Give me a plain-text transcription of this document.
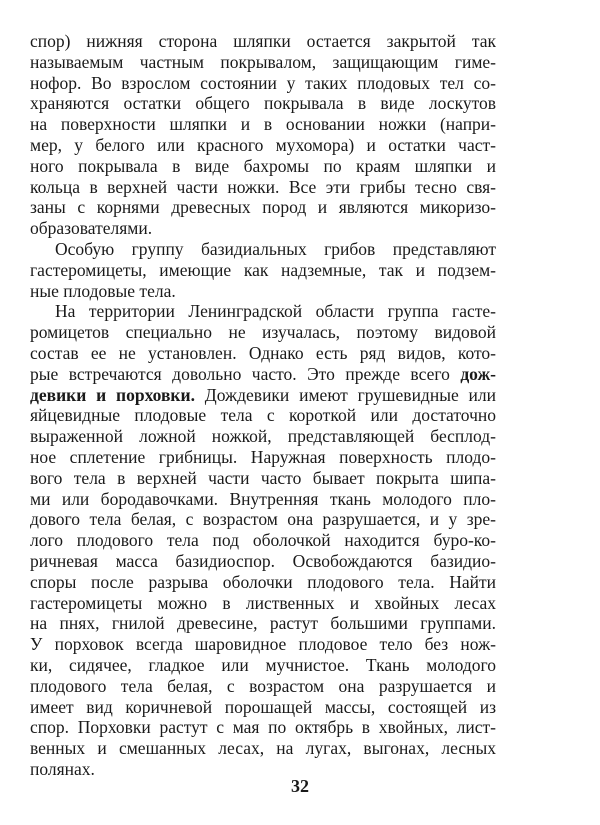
спор) нижняя сторона шляпки остается закрытой так
называемым частным покрывалом, защищающим гиме-
нофор. Во взрослом состоянии у таких плодовых тел со-
храняются остатки общего покрывала в виде лоскутов
на поверхности шляпки и в основании ножки (напри-
мер, у белого или красного мухомора) и остатки част-
ного покрывала в виде бахромы по краям шляпки и
кольца в верхней части ножки. Все эти грибы тесно свя-
заны с корнями древесных пород и являются микоризо-
образователями.
Особую группу базидиальных грибов представляют
гастеромицеты, имеющие как надземные, так и подзем-
ные плодовые тела.
На территории Ленинградской области группа гасте-
ромицетов специально не изучалась, поэтому видовой
состав ее не установлен. Однако есть ряд видов, кото-
рые встречаются довольно часто. Это прежде всего дож-
девики и порховки. Дождевики имеют грушевидные или
яйцевидные плодовые тела с короткой или достаточно
выраженной ложной ножкой, представляющей бесплод-
ное сплетение грибницы. Наружная поверхность плодо-
вого тела в верхней части часто бывает покрыта шипа-
ми или бородавочками. Внутренняя ткань молодого пло-
дового тела белая, с возрастом она разрушается, и у зре-
лого плодового тела под оболочкой находится буро-ко-
ричневая масса базидиоспор. Освобождаются базидио-
споры после разрыва оболочки плодового тела. Найти
гастеромицеты можно в лиственных и хвойных лесах
на пнях, гнилой древесине, растут большими группами.
У порховок всегда шаровидное плодовое тело без нож-
ки, сидячее, гладкое или мучнистое. Ткань молодого
плодового тела белая, с возрастом она разрушается и
имеет вид коричневой порошащей массы, состоящей из
спор. Порховки растут с мая по октябрь в хвойных, лист-
венных и смешанных лесах, на лугах, выгонах, лесных
полянах.
32
